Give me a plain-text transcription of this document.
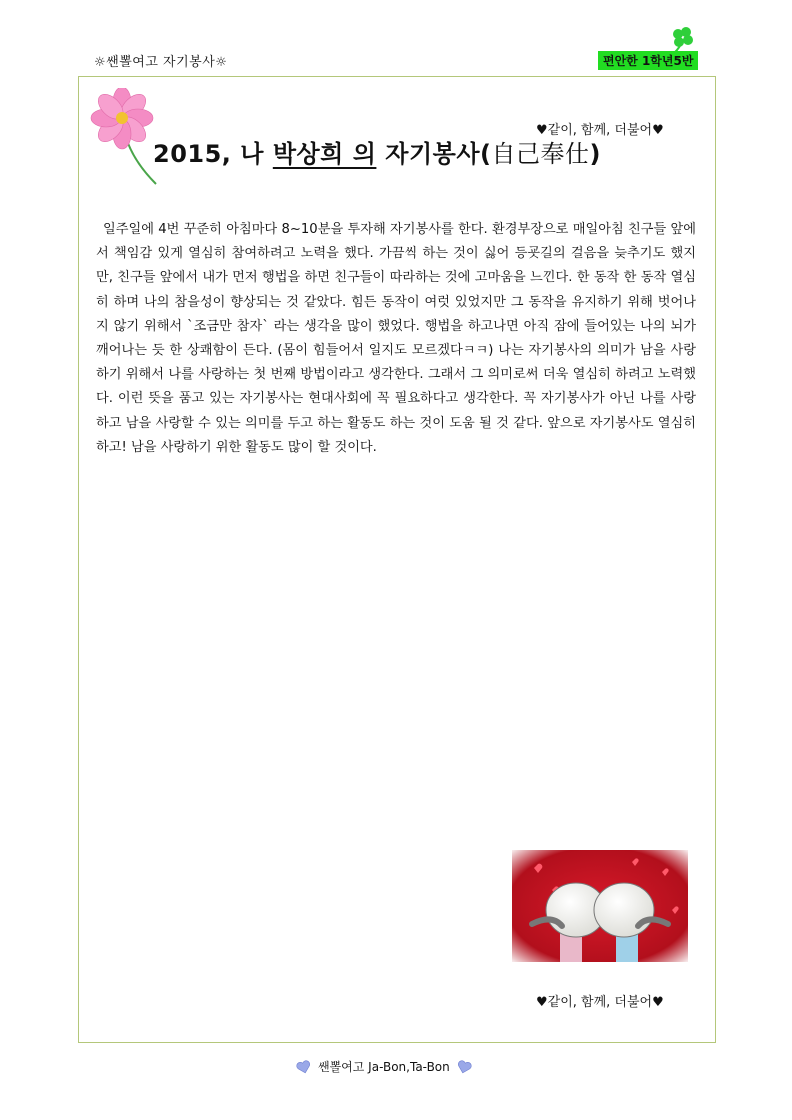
☼쌘뽈여고 자기봉사☼	편안한 1학년5반
♥같이, 함께, 더불어♥
2015, 나 박상희 의 자기봉사(自己奉仕)

일주일에 4번 꾸준히 아침마다 8~10분을 투자해 자기봉사를 한다. 환경부장으로 매일아침 친구들 앞에서 책임감 있게 열심히 참여하려고 노력을 했다. 가끔씩 하는 것이 싫어 등굣길의 걸음을 늦추기도 했지만, 친구들 앞에서 내가 먼저 행법을 하면 친구들이 따라하는 것에 고마움을 느낀다. 한 동작 한 동작 열심히 하며 나의 참을성이 향상되는 것 같았다. 힘든 동작이 여럿 있었지만 그 동작을 유지하기 위해 벗어나지 않기 위해서 `조금만 참자` 라는 생각을 많이 했었다. 행법을 하고나면 아직 잠에 들어있는 나의 뇌가 깨어나는 듯 한 상쾌함이 든다. (몸이 힘들어서 일지도 모르겠다ㅋㅋ) 나는 자기봉사의 의미가 남을 사랑하기 위해서 나를 사랑하는 첫 번째 방법이라고 생각한다. 그래서 그 의미로써 더욱 열심히 하려고 노력했다. 이런 뜻을 품고 있는 자기봉사는 현대사회에 꼭 필요하다고 생각한다. 꼭 자기봉사가 아닌 나를 사랑하고 남을 사랑할 수 있는 의미를 두고 하는 활동도 하는 것이 도움 될 것 같다. 앞으로 자기봉사도 열심히 하고! 남을 사랑하기 위한 활동도 많이 할 것이다.

♥같이, 함께, 더불어♥
쌘뽈여고 Ja-Bon,Ta-Bon
